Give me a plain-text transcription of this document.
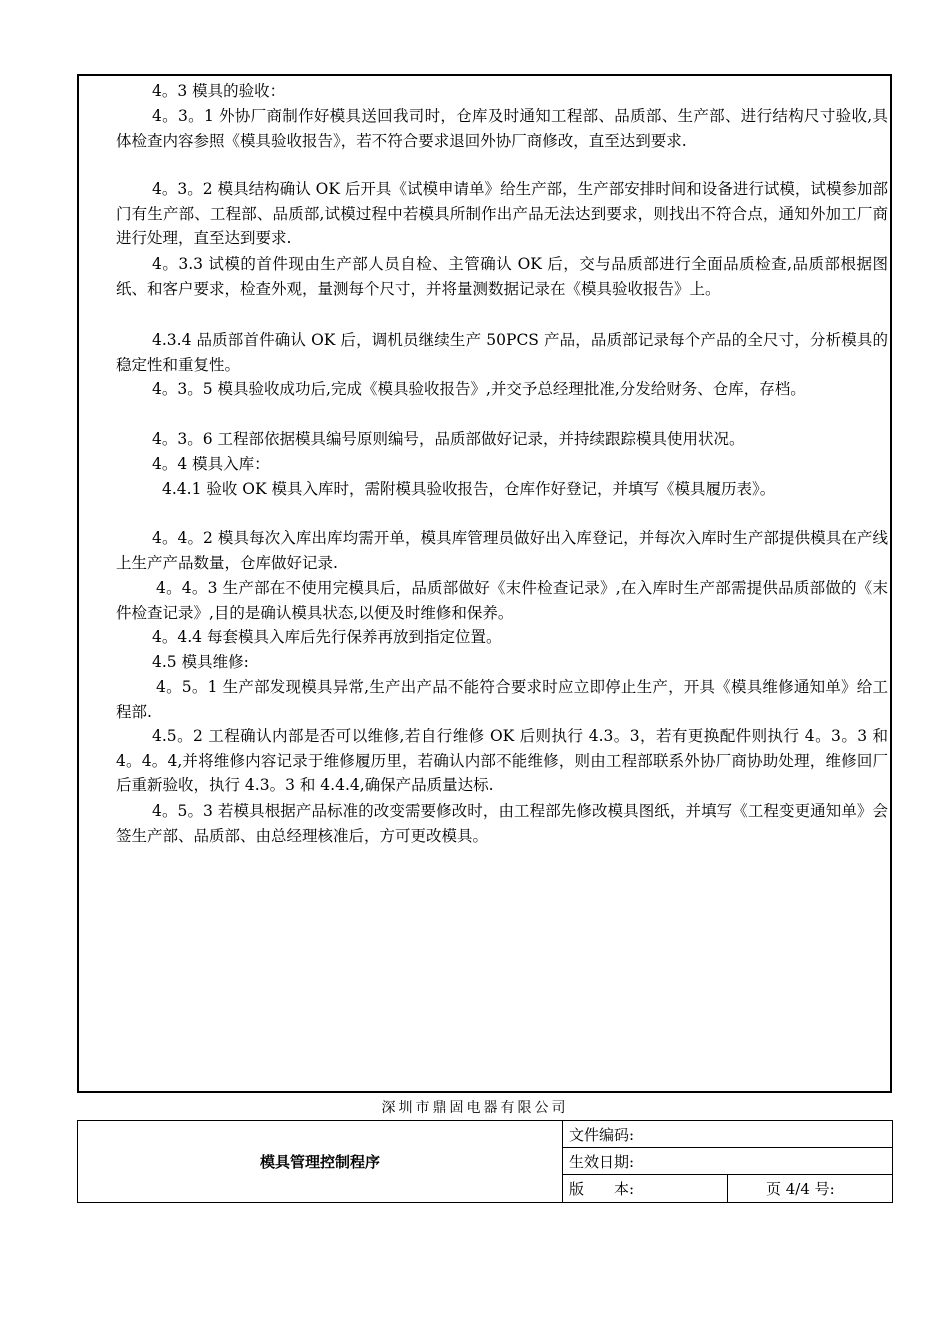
4。3 模具的验收：

4。3。1 外协厂商制作好模具送回我司时，仓库及时通知工程部、品质部、生产部、进行结构尺寸验收,具体检查内容参照《模具验收报告》，若不符合要求退回外协厂商修改，直至达到要求.

4。3。2 模具结构确认 OK 后开具《试模申请单》给生产部，生产部安排时间和设备进行试模，试模参加部门有生产部、工程部、品质部,试模过程中若模具所制作出产品无法达到要求，则找出不符合点，通知外加工厂商进行处理，直至达到要求.

4。3.3 试模的首件现由生产部人员自检、主管确认 OK 后，交与品质部进行全面品质检查,品质部根据图纸、和客户要求，检查外观，量测每个尺寸，并将量测数据记录在《模具验收报告》上。

4.3.4 品质部首件确认 OK 后，调机员继续生产 50PCS 产品，品质部记录每个产品的全尺寸，分析模具的稳定性和重复性。

4。3。5 模具验收成功后,完成《模具验收报告》,并交予总经理批准,分发给财务、仓库，存档。

4。3。6 工程部依据模具编号原则编号，品质部做好记录，并持续跟踪模具使用状况。

4。4 模具入库：

4.4.1 验收 OK 模具入库时，需附模具验收报告，仓库作好登记，并填写《模具履历表》。

4。4。2 模具每次入库出库均需开单，模具库管理员做好出入库登记，并每次入库时生产部提供模具在产线上生产产品数量，仓库做好记录.

4。4。3 生产部在不使用完模具后，品质部做好《末件检查记录》,在入库时生产部需提供品质部做的《末件检查记录》,目的是确认模具状态,以便及时维修和保养。

4。4.4 每套模具入库后先行保养再放到指定位置。

4.5 模具维修:

4。5。1 生产部发现模具异常,生产出产品不能符合要求时应立即停止生产，开具《模具维修通知单》给工程部.

4.5。2 工程确认内部是否可以维修,若自行维修 OK 后则执行 4.3。3，若有更换配件则执行 4。3。3 和 4。4。4,并将维修内容记录于维修履历里，若确认内部不能维修，则由工程部联系外协厂商协助处理，维修回厂后重新验收，执行 4.3。3 和 4.4.4,确保产品质量达标.

4。5。3 若模具根据产品标准的改变需要修改时，由工程部先修改模具图纸，并填写《工程变更通知单》会签生产部、品质部、由总经理核准后，方可更改模具。

深圳市鼎固电器有限公司
模具管理控制程序	文件编码:	
	生效日期:	
	版　　本:	页 4/4 号:
